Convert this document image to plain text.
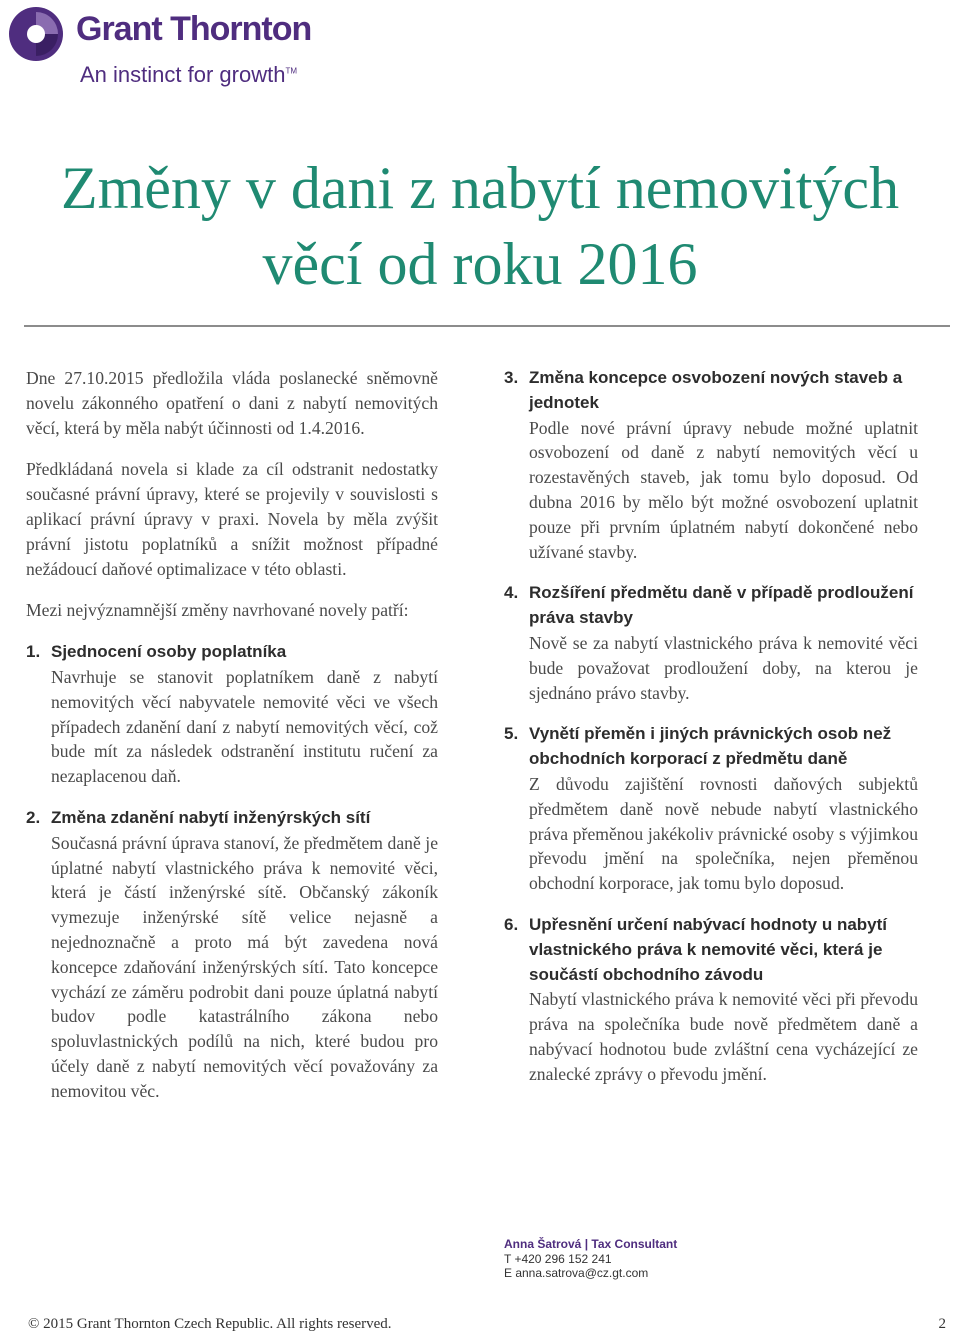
Grant Thornton
An instinct for growth™
Změny v dani z nabytí nemovitých
věcí od roku 2016

Dne 27.10.2015 předložila vláda poslanecké sněmovně novelu zákonného opatření o dani z nabytí nemovitých věcí, která by měla nabýt účinnosti od 1.4.2016.

Předkládaná novela si klade za cíl odstranit nedostatky současné právní úpravy, které se projevily v souvislosti s aplikací právní úpravy v praxi. Novela by měla zvýšit právní jistotu poplatníků a snížit možnost případné nežádoucí daňové optimalizace v této oblasti.

Mezi nejvýznamnější změny navrhované novely patří:

1. Sjednocení osoby poplatníka
Navrhuje se stanovit poplatníkem daně z nabytí nemovitých věcí nabyvatele nemovité věci ve všech případech zdanění daní z nabytí nemovitých věcí, což bude mít za následek odstranění institutu ručení za nezaplacenou daň.
2. Změna zdanění nabytí inženýrských sítí
Současná právní úprava stanoví, že předmětem daně je úplatné nabytí vlastnického práva k nemovité věci, která je částí inženýrské sítě. Občanský zákoník vymezuje inženýrské sítě velice nejasně a nejednoznačně a proto má být zavedena nová koncepce zdaňování inženýrských sítí. Tato koncepce vychází ze záměru podrobit dani pouze úplatná nabytí budov podle katastrálního zákona nebo spoluvlastnických podílů na nich, které budou pro účely daně z nabytí nemovitých věcí považovány za nemovitou věc.
3. Změna koncepce osvobození nových staveb a jednotek
Podle nové právní úpravy nebude možné uplatnit osvobození od daně z nabytí nemovitých věcí u rozestavěných staveb, jak tomu bylo doposud. Od dubna 2016 by mělo být možné osvobození uplatnit pouze při prvním úplatném nabytí dokončené nebo užívané stavby.
4. Rozšíření předmětu daně v případě prodloužení práva stavby
Nově se za nabytí vlastnického práva k nemovité věci bude považovat prodloužení doby, na kterou je sjednáno právo stavby.
5. Vynětí přeměn i jiných právnických osob než obchodních korporací z předmětu daně
Z důvodu zajištění rovnosti daňových subjektů předmětem daně nově nebude nabytí vlastnického práva přeměnou jakékoliv právnické osoby s výjimkou převodu jmění na společníka, nejen přeměnou obchodní korporace, jak tomu bylo doposud.
6. Upřesnění určení nabývací hodnoty u nabytí vlastnického práva k nemovité věci, která je součástí obchodního závodu
Nabytí vlastnického práva k nemovité věci při převodu práva na společníka bude nově předmětem daně a nabývací hodnotou bude zvláštní cena vycházející ze znalecké zprávy o převodu jmění.
Anna Šatrová | Tax Consultant
T +420 296 152 241
E anna.satrova@cz.gt.com
© 2015 Grant Thornton Czech Republic. All rights reserved.	2
